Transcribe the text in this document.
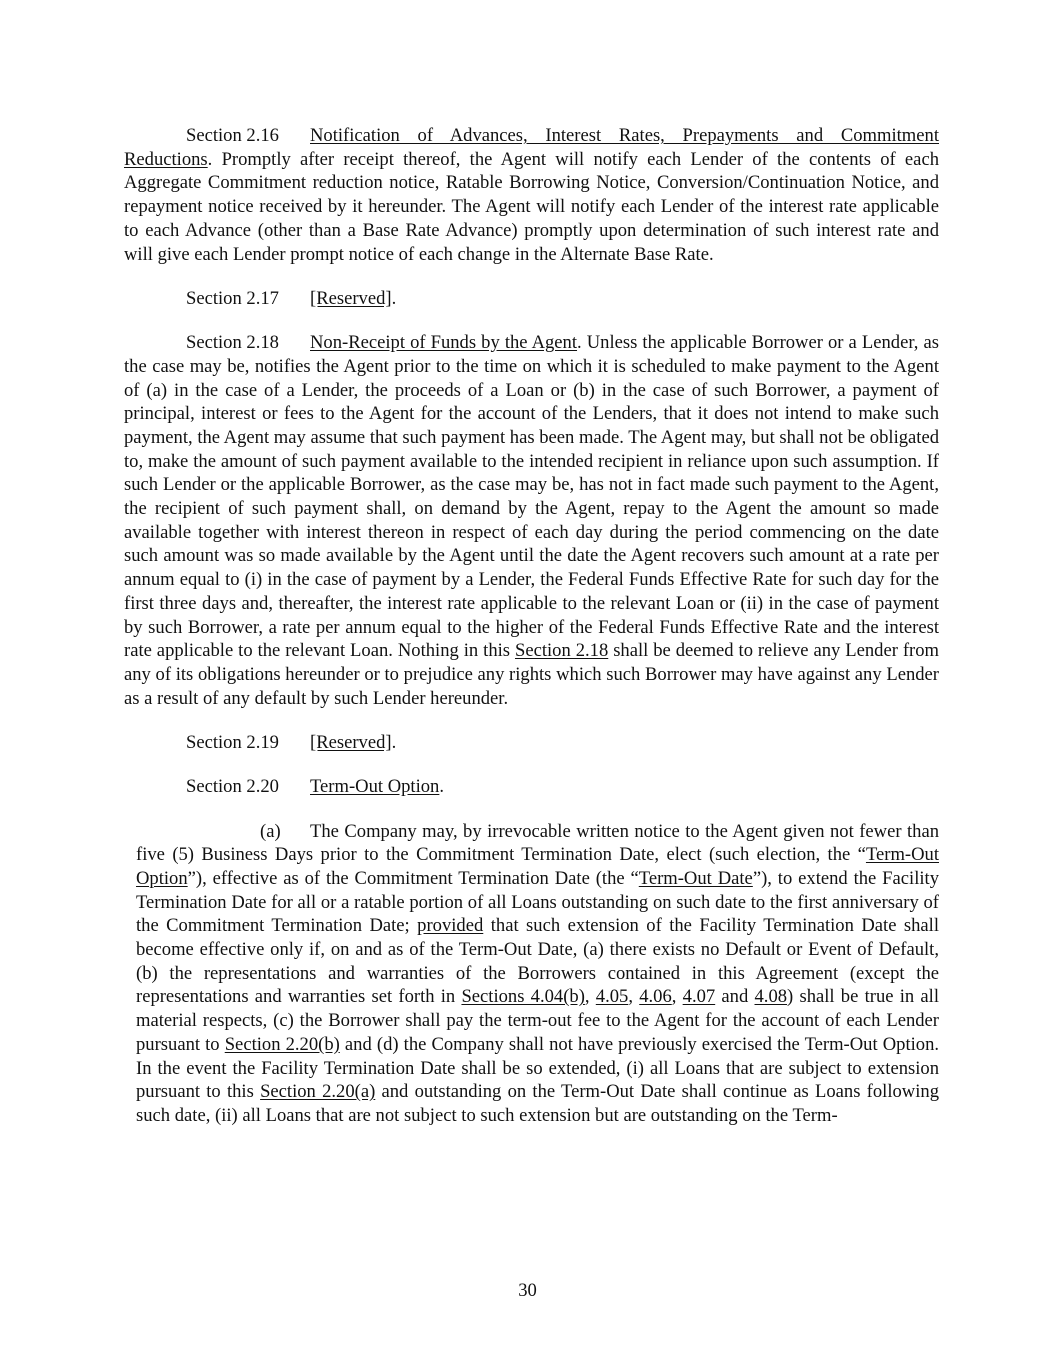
Section 2.16 Notification of Advances, Interest Rates, Prepayments and Commitment Reductions. Promptly after receipt thereof, the Agent will notify each Lender of the contents of each Aggregate Commitment reduction notice, Ratable Borrowing Notice, Conversion/Continuation Notice, and repayment notice received by it hereunder. The Agent will notify each Lender of the interest rate applicable to each Advance (other than a Base Rate Advance) promptly upon determination of such interest rate and will give each Lender prompt notice of each change in the Alternate Base Rate.

Section 2.17 [Reserved].

Section 2.18 Non-Receipt of Funds by the Agent. Unless the applicable Borrower or a Lender, as the case may be, notifies the Agent prior to the time on which it is scheduled to make payment to the Agent of (a) in the case of a Lender, the proceeds of a Loan or (b) in the case of such Borrower, a payment of principal, interest or fees to the Agent for the account of the Lenders, that it does not intend to make such payment, the Agent may assume that such payment has been made. The Agent may, but shall not be obligated to, make the amount of such payment available to the intended recipient in reliance upon such assumption. If such Lender or the applicable Borrower, as the case may be, has not in fact made such payment to the Agent, the recipient of such payment shall, on demand by the Agent, repay to the Agent the amount so made available together with interest thereon in respect of each day during the period commencing on the date such amount was so made available by the Agent until the date the Agent recovers such amount at a rate per annum equal to (i) in the case of payment by a Lender, the Federal Funds Effective Rate for such day for the first three days and, thereafter, the interest rate applicable to the relevant Loan or (ii) in the case of payment by such Borrower, a rate per annum equal to the higher of the Federal Funds Effective Rate and the interest rate applicable to the relevant Loan. Nothing in this Section 2.18 shall be deemed to relieve any Lender from any of its obligations hereunder or to prejudice any rights which such Borrower may have against any Lender as a result of any default by such Lender hereunder.

Section 2.19 [Reserved].

Section 2.20 Term-Out Option.

(a) The Company may, by irrevocable written notice to the Agent given not fewer than five (5) Business Days prior to the Commitment Termination Date, elect (such election, the “Term-Out Option”), effective as of the Commitment Termination Date (the “Term-Out Date”), to extend the Facility Termination Date for all or a ratable portion of all Loans outstanding on such date to the first anniversary of the Commitment Termination Date; provided that such extension of the Facility Termination Date shall become effective only if, on and as of the Term-Out Date, (a) there exists no Default or Event of Default, (b) the representations and warranties of the Borrowers contained in this Agreement (except the representations and warranties set forth in Sections 4.04(b), 4.05, 4.06, 4.07 and 4.08) shall be true in all material respects, (c) the Borrower shall pay the term-out fee to the Agent for the account of each Lender pursuant to Section 2.20(b) and (d) the Company shall not have previously exercised the Term-Out Option. In the event the Facility Termination Date shall be so extended, (i) all Loans that are subject to extension pursuant to this Section 2.20(a) and outstanding on the Term-Out Date shall continue as Loans following such date, (ii) all Loans that are not subject to such extension but are outstanding on the Term-

30
